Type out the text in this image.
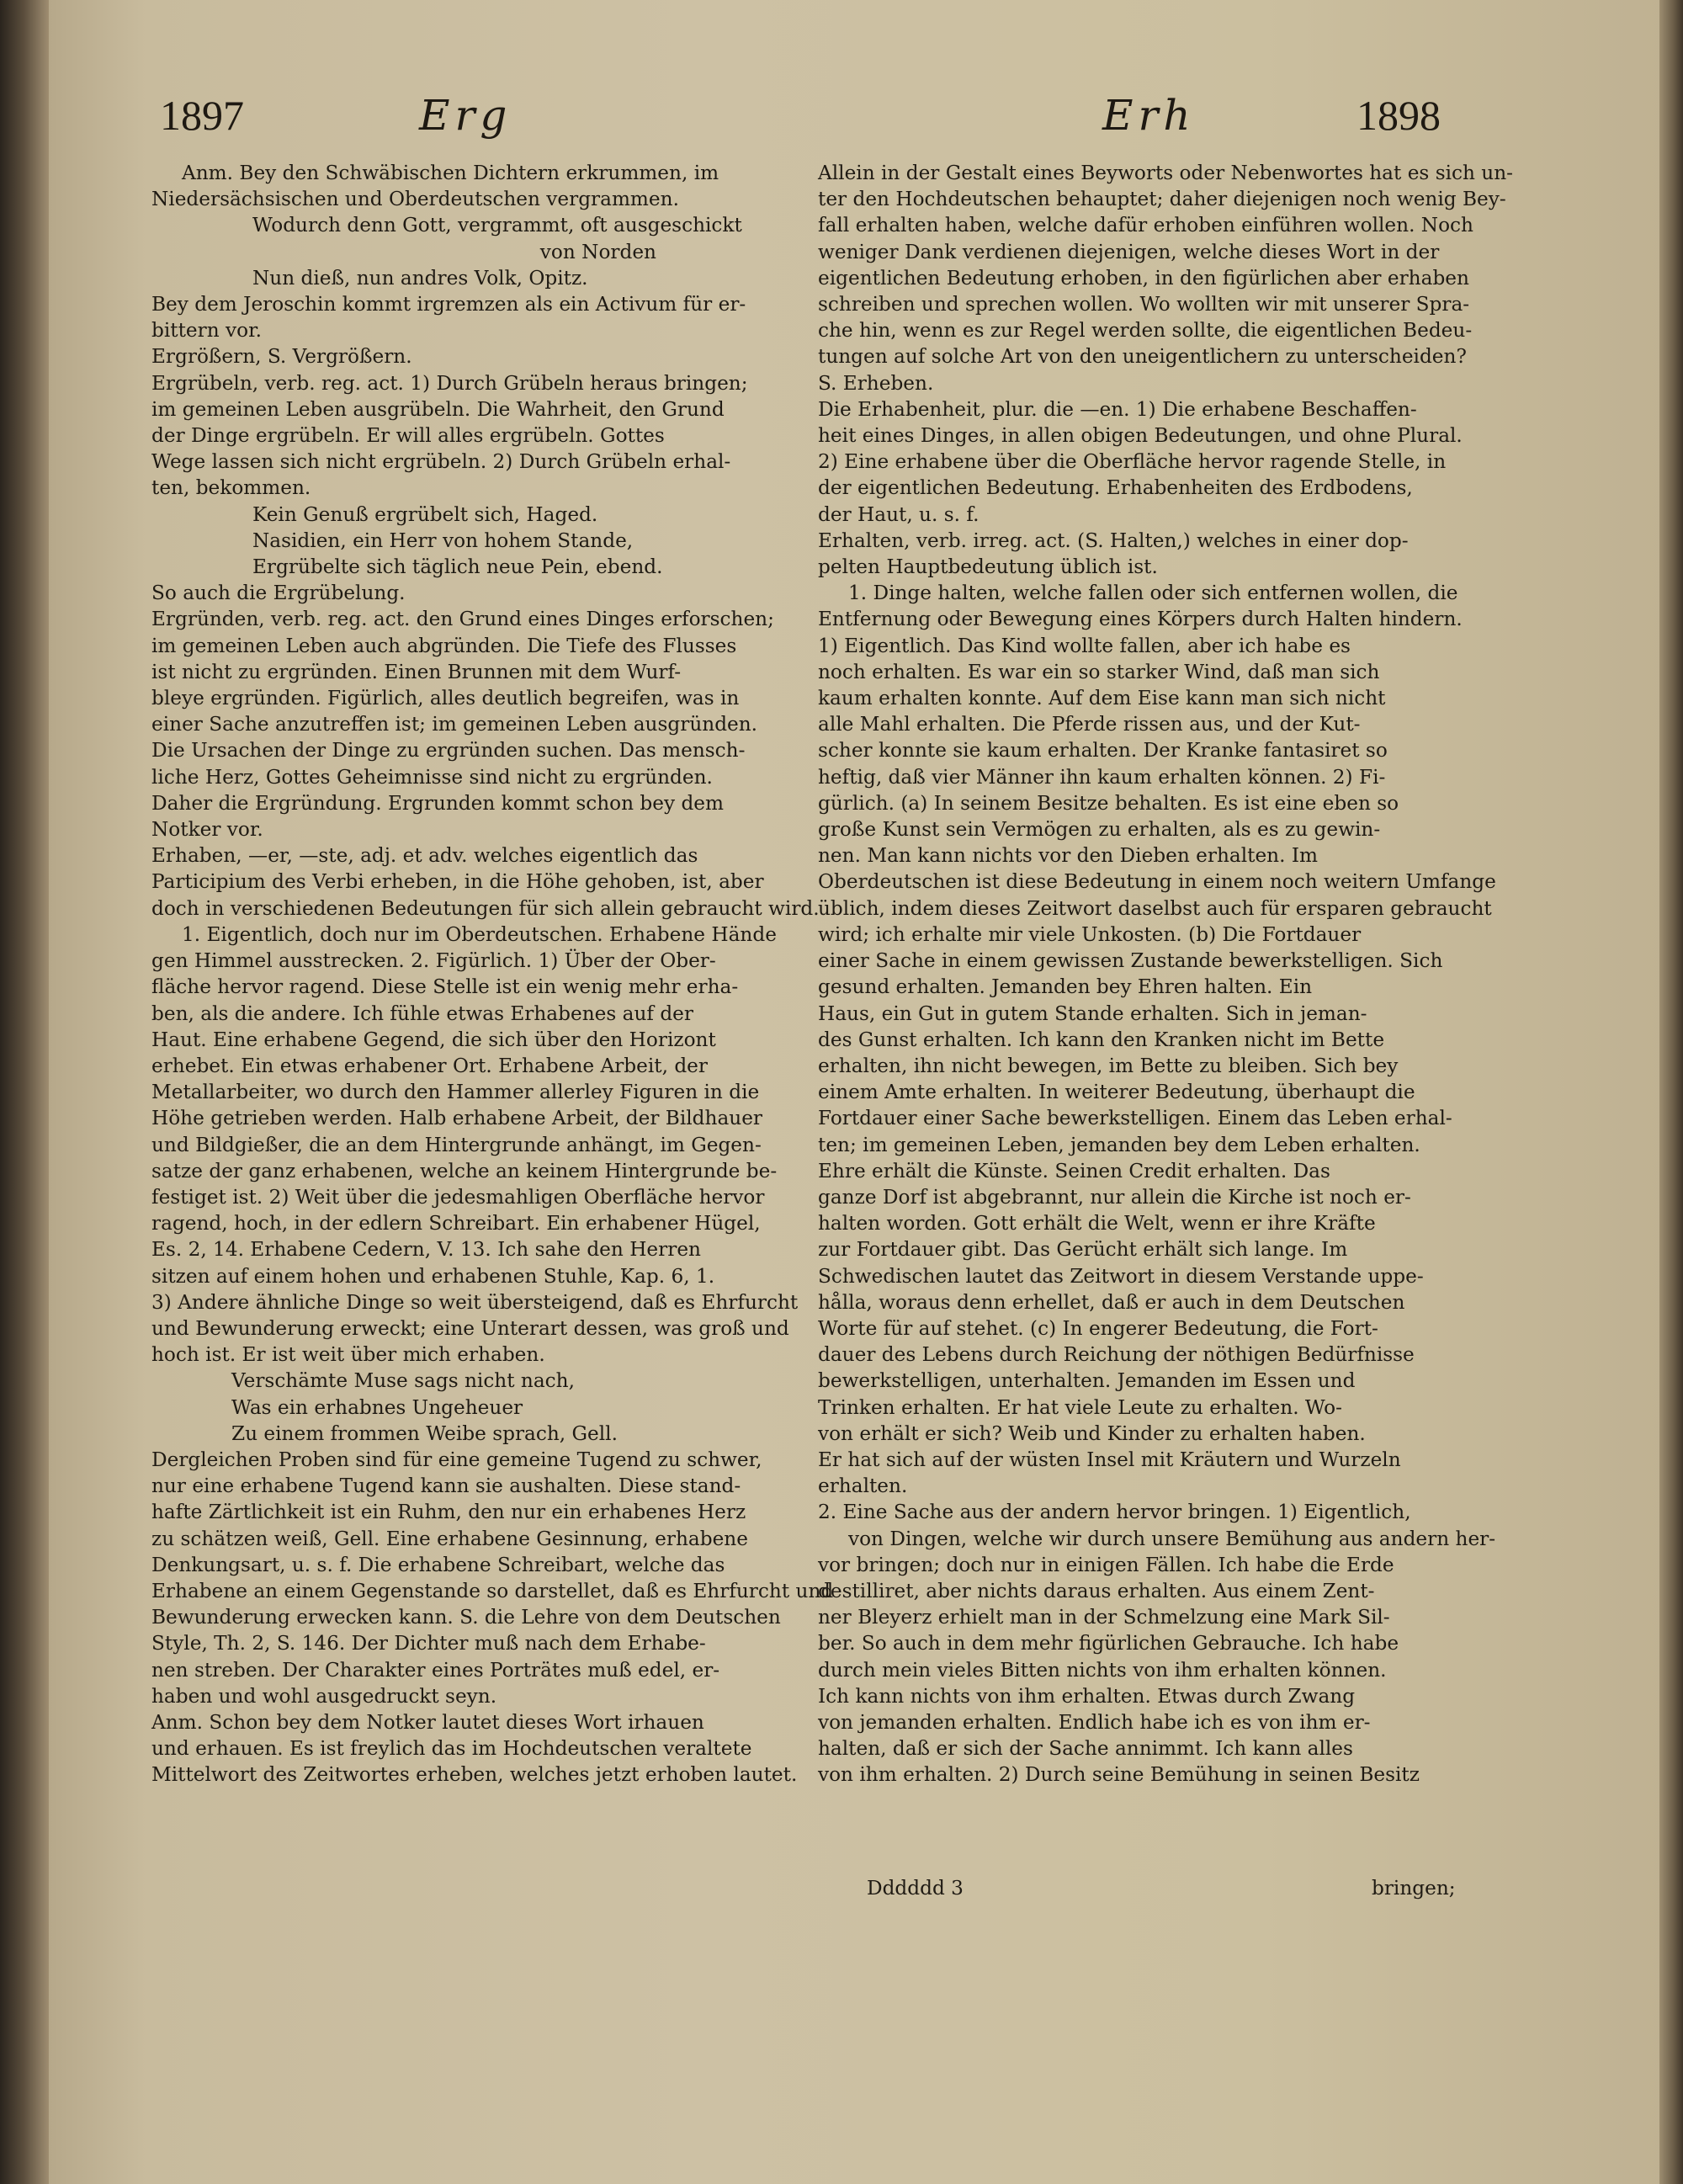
1897	Erg	Erh	1898

Anm. Bey den Schwäbischen Dichtern erkrummen, im

Niedersächsischen und Oberdeutschen vergrammen.

Wodurch denn Gott, vergrammt, oft ausgeschickt

von Norden

Nun dieß, nun andres Volk, Opitz.

Bey dem Jeroschin kommt irgremzen als ein Activum für er-

bittern vor.

Ergrößern, S. Vergrößern.

Ergrübeln, verb. reg. act. 1) Durch Grübeln heraus bringen;

im gemeinen Leben ausgrübeln. Die Wahrheit, den Grund

der Dinge ergrübeln. Er will alles ergrübeln. Gottes

Wege lassen sich nicht ergrübeln. 2) Durch Grübeln erhal-

ten, bekommen.

Kein Genuß ergrübelt sich, Haged.

Nasidien, ein Herr von hohem Stande,

Ergrübelte sich täglich neue Pein, ebend.

So auch die Ergrübelung.

Ergründen, verb. reg. act. den Grund eines Dinges erforschen;

im gemeinen Leben auch abgründen. Die Tiefe des Flusses

ist nicht zu ergründen. Einen Brunnen mit dem Wurf-

bleye ergründen. Figürlich, alles deutlich begreifen, was in

einer Sache anzutreffen ist; im gemeinen Leben ausgründen.

Die Ursachen der Dinge zu ergründen suchen. Das mensch-

liche Herz, Gottes Geheimnisse sind nicht zu ergründen.

Daher die Ergründung. Ergrunden kommt schon bey dem

Notker vor.

Erhaben, —er, —ste, adj. et adv. welches eigentlich das

Participium des Verbi erheben, in die Höhe gehoben, ist, aber

doch in verschiedenen Bedeutungen für sich allein gebraucht wird.

1. Eigentlich, doch nur im Oberdeutschen. Erhabene Hände

gen Himmel ausstrecken. 2. Figürlich. 1) Über der Ober-

fläche hervor ragend. Diese Stelle ist ein wenig mehr erha-

ben, als die andere. Ich fühle etwas Erhabenes auf der

Haut. Eine erhabene Gegend, die sich über den Horizont

erhebet. Ein etwas erhabener Ort. Erhabene Arbeit, der

Metallarbeiter, wo durch den Hammer allerley Figuren in die

Höhe getrieben werden. Halb erhabene Arbeit, der Bildhauer

und Bildgießer, die an dem Hintergrunde anhängt, im Gegen-

satze der ganz erhabenen, welche an keinem Hintergrunde be-

festiget ist. 2) Weit über die jedesmahligen Oberfläche hervor

ragend, hoch, in der edlern Schreibart. Ein erhabener Hügel,

Es. 2, 14. Erhabene Cedern, V. 13. Ich sahe den Herren

sitzen auf einem hohen und erhabenen Stuhle, Kap. 6, 1.

3) Andere ähnliche Dinge so weit übersteigend, daß es Ehrfurcht

und Bewunderung erweckt; eine Unterart dessen, was groß und

hoch ist. Er ist weit über mich erhaben.

Verschämte Muse sags nicht nach,

Was ein erhabnes Ungeheuer

Zu einem frommen Weibe sprach, Gell.

Dergleichen Proben sind für eine gemeine Tugend zu schwer,

nur eine erhabene Tugend kann sie aushalten. Diese stand-

hafte Zärtlichkeit ist ein Ruhm, den nur ein erhabenes Herz

zu schätzen weiß, Gell. Eine erhabene Gesinnung, erhabene

Denkungsart, u. s. f. Die erhabene Schreibart, welche das

Erhabene an einem Gegenstande so darstellet, daß es Ehrfurcht und

Bewunderung erwecken kann. S. die Lehre von dem Deutschen

Style, Th. 2, S. 146. Der Dichter muß nach dem Erhabe-

nen streben. Der Charakter eines Porträtes muß edel, er-

haben und wohl ausgedruckt seyn.

Anm. Schon bey dem Notker lautet dieses Wort irhauen

und erhauen. Es ist freylich das im Hochdeutschen veraltete

Mittelwort des Zeitwortes erheben, welches jetzt erhoben lautet.

Allein in der Gestalt eines Beyworts oder Nebenwortes hat es sich un-

ter den Hochdeutschen behauptet; daher diejenigen noch wenig Bey-

fall erhalten haben, welche dafür erhoben einführen wollen. Noch

weniger Dank verdienen diejenigen, welche dieses Wort in der

eigentlichen Bedeutung erhoben, in den figürlichen aber erhaben

schreiben und sprechen wollen. Wo wollten wir mit unserer Spra-

che hin, wenn es zur Regel werden sollte, die eigentlichen Bedeu-

tungen auf solche Art von den uneigentlichern zu unterscheiden?

S. Erheben.

Die Erhabenheit, plur. die —en. 1) Die erhabene Beschaffen-

heit eines Dinges, in allen obigen Bedeutungen, und ohne Plural.

2) Eine erhabene über die Oberfläche hervor ragende Stelle, in

der eigentlichen Bedeutung. Erhabenheiten des Erdbodens,

der Haut, u. s. f.

Erhalten, verb. irreg. act. (S. Halten,) welches in einer dop-

pelten Hauptbedeutung üblich ist.

1. Dinge halten, welche fallen oder sich entfernen wollen, die

Entfernung oder Bewegung eines Körpers durch Halten hindern.

1) Eigentlich. Das Kind wollte fallen, aber ich habe es

noch erhalten. Es war ein so starker Wind, daß man sich

kaum erhalten konnte. Auf dem Eise kann man sich nicht

alle Mahl erhalten. Die Pferde rissen aus, und der Kut-

scher konnte sie kaum erhalten. Der Kranke fantasiret so

heftig, daß vier Männer ihn kaum erhalten können. 2) Fi-

gürlich. (a) In seinem Besitze behalten. Es ist eine eben so

große Kunst sein Vermögen zu erhalten, als es zu gewin-

nen. Man kann nichts vor den Dieben erhalten. Im

Oberdeutschen ist diese Bedeutung in einem noch weitern Umfange

üblich, indem dieses Zeitwort daselbst auch für ersparen gebraucht

wird; ich erhalte mir viele Unkosten. (b) Die Fortdauer

einer Sache in einem gewissen Zustande bewerkstelligen. Sich

gesund erhalten. Jemanden bey Ehren halten. Ein

Haus, ein Gut in gutem Stande erhalten. Sich in jeman-

des Gunst erhalten. Ich kann den Kranken nicht im Bette

erhalten, ihn nicht bewegen, im Bette zu bleiben. Sich bey

einem Amte erhalten. In weiterer Bedeutung, überhaupt die

Fortdauer einer Sache bewerkstelligen. Einem das Leben erhal-

ten; im gemeinen Leben, jemanden bey dem Leben erhalten.

Ehre erhält die Künste. Seinen Credit erhalten. Das

ganze Dorf ist abgebrannt, nur allein die Kirche ist noch er-

halten worden. Gott erhält die Welt, wenn er ihre Kräfte

zur Fortdauer gibt. Das Gerücht erhält sich lange. Im

Schwedischen lautet das Zeitwort in diesem Verstande uppe-

hålla, woraus denn erhellet, daß er auch in dem Deutschen

Worte für auf stehet. (c) In engerer Bedeutung, die Fort-

dauer des Lebens durch Reichung der nöthigen Bedürfnisse

bewerkstelligen, unterhalten. Jemanden im Essen und

Trinken erhalten. Er hat viele Leute zu erhalten. Wo-

von erhält er sich? Weib und Kinder zu erhalten haben.

Er hat sich auf der wüsten Insel mit Kräutern und Wurzeln

erhalten.

2. Eine Sache aus der andern hervor bringen. 1) Eigentlich,

von Dingen, welche wir durch unsere Bemühung aus andern her-

vor bringen; doch nur in einigen Fällen. Ich habe die Erde

destilliret, aber nichts daraus erhalten. Aus einem Zent-

ner Bleyerz erhielt man in der Schmelzung eine Mark Sil-

ber. So auch in dem mehr figürlichen Gebrauche. Ich habe

durch mein vieles Bitten nichts von ihm erhalten können.

Ich kann nichts von ihm erhalten. Etwas durch Zwang

von jemanden erhalten. Endlich habe ich es von ihm er-

halten, daß er sich der Sache annimmt. Ich kann alles

von ihm erhalten. 2) Durch seine Bemühung in seinen Besitz

Dddddd 3	bringen;
